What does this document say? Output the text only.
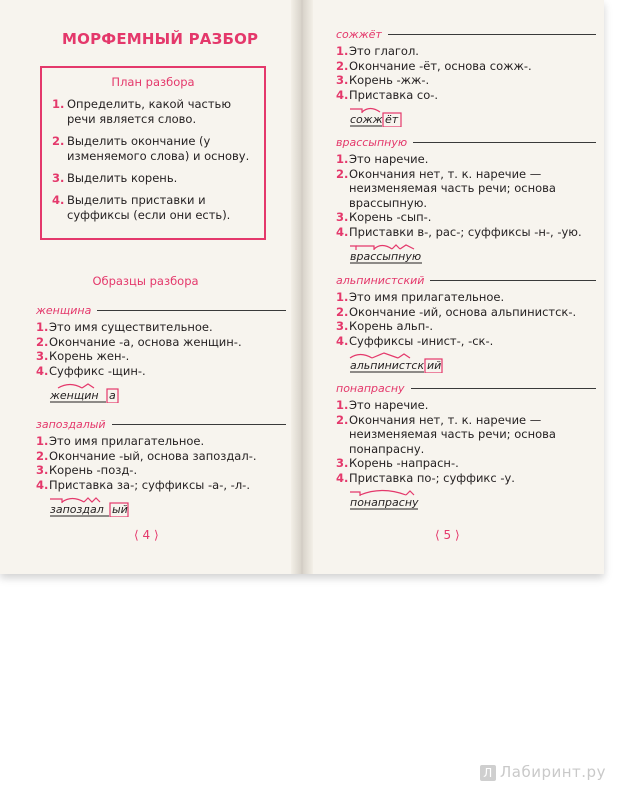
МОРФЕМНЫЙ РАЗБОР
План разбора
1. Определить, какой частью речи является слово.
2. Выделить окончание (у изменяемого слова) и основу.
3. Выделить корень.
4. Выделить приставки и суффиксы (если они есть).
Образцы разбора
женщина
1. Это имя существительное.
2. Окончание -а, основа женщин-.
3. Корень жен-.
4. Суффикс -щин-.
женщин а
запоздалый
1. Это имя прилагательное.
2. Окончание -ый, основа запоздал-.
3. Корень -позд-.
4. Приставка за-; суффиксы -а-, -л-.
запоздал ый
⟨ 4 ⟩
сожжёт
1. Это глагол.
2. Окончание -ёт, основа сожж-.
3. Корень -жж-.
4. Приставка со-.
сожж ёт
врассыпную
1. Это наречие.
2. Окончания нет, т. к. наречие — неизменяемая часть речи; основа врассыпную.
3. Корень -сып-.
4. Приставки в-, рас-; суффиксы -н-, -ую.
врассыпную
альпинистский
1. Это имя прилагательное.
2. Окончание -ий, основа альпинистск-.
3. Корень альп-.
4. Суффиксы -инист-, -ск-.
альпинистск ий
понапрасну
1. Это наречие.
2. Окончания нет, т. к. наречие — неизменяемая часть речи; основа понапрасну.
3. Корень -напрасн-.
4. Приставка по-; суффикс -у.
понапрасну
⟨ 5 ⟩
Л Лабиринт.ру
